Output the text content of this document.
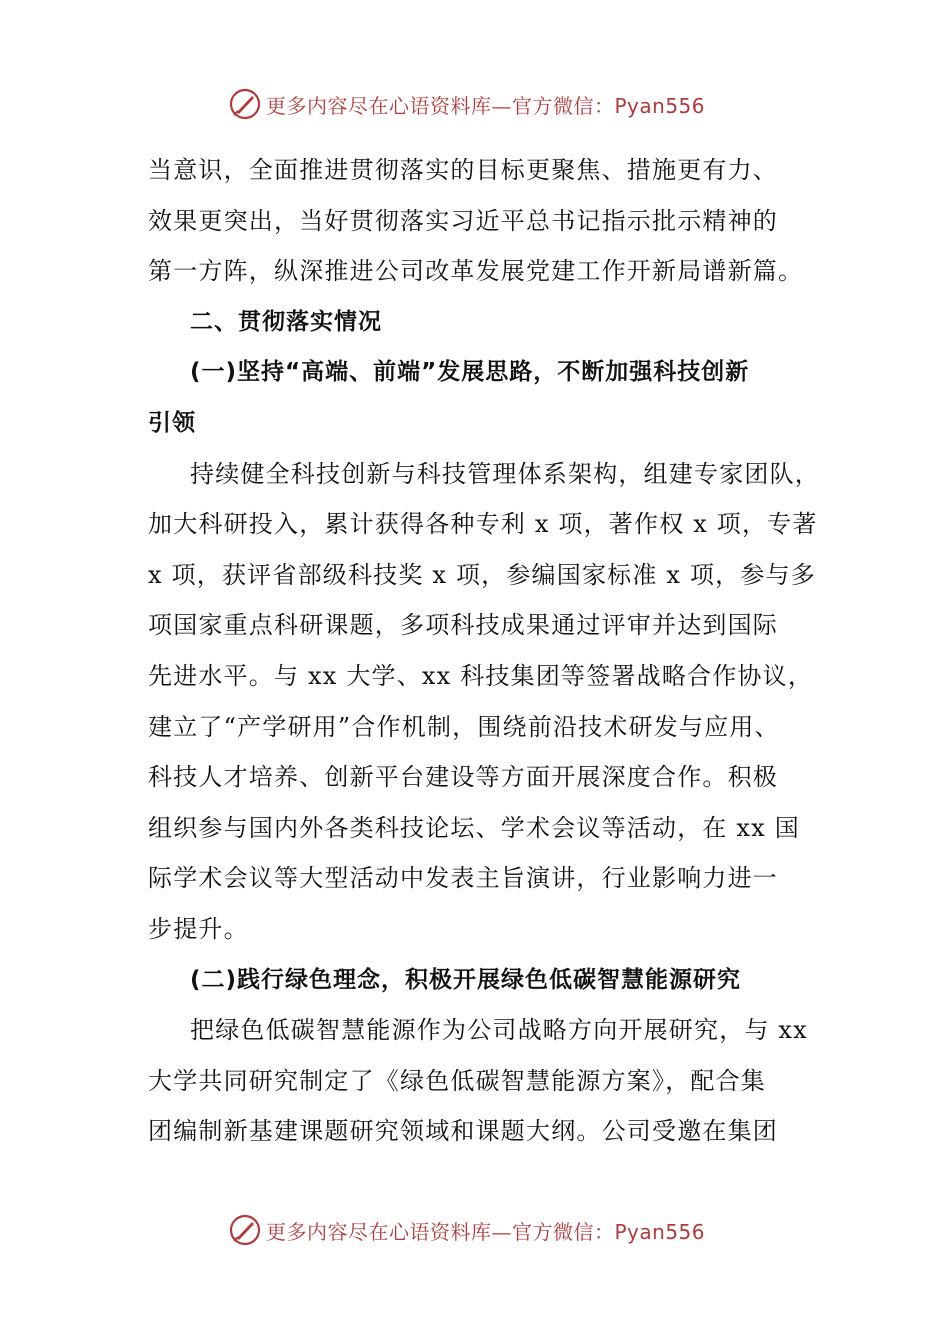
更多内容尽在心语资料库—官方微信：Pyan556
当意识，全面推进贯彻落实的目标更聚焦、措施更有力、
效果更突出，当好贯彻落实习近平总书记指示批示精神的
第一方阵，纵深推进公司改革发展党建工作开新局谱新篇。
二、贯彻落实情况
(一)坚持“高端、前端”发展思路，不断加强科技创新
引领
持续健全科技创新与科技管理体系架构，组建专家团队，
加大科研投入，累计获得各种专利 x 项，著作权 x 项，专著
x 项，获评省部级科技奖 x 项，参编国家标准 x 项，参与多
项国家重点科研课题，多项科技成果通过评审并达到国际
先进水平。与 xx 大学、xx 科技集团等签署战略合作协议，
建立了“产学研用”合作机制，围绕前沿技术研发与应用、
科技人才培养、创新平台建设等方面开展深度合作。积极
组织参与国内外各类科技论坛、学术会议等活动，在 xx 国
际学术会议等大型活动中发表主旨演讲，行业影响力进一
步提升。
(二)践行绿色理念，积极开展绿色低碳智慧能源研究
把绿色低碳智慧能源作为公司战略方向开展研究，与 xx
大学共同研究制定了《绿色低碳智慧能源方案》，配合集
团编制新基建课题研究领域和课题大纲。公司受邀在集团
更多内容尽在心语资料库—官方微信：Pyan556
